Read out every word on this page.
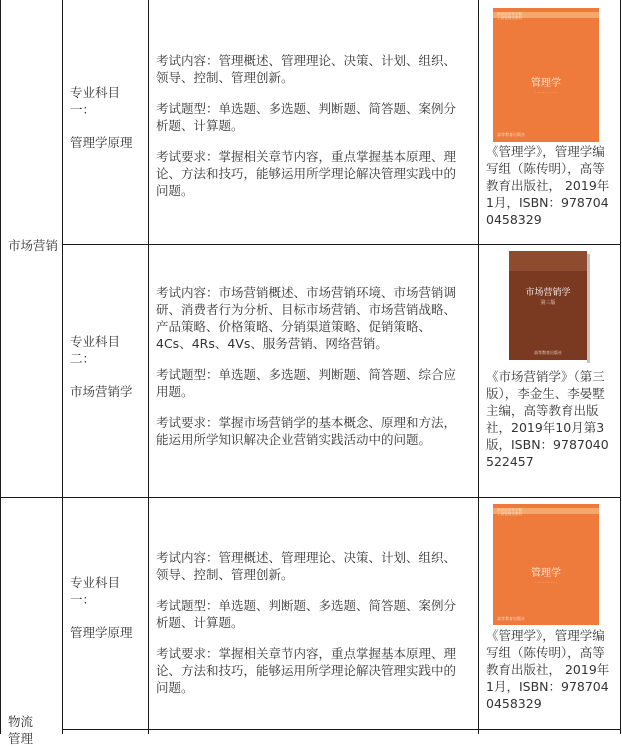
市场营销
物流管理
专业科目一：
管理学原理

考试内容：管理概述、管理理论、决策、计划、组织、领导、控制、管理创新。

考试题型：单选题、多选题、判断题、简答题、案例分析题、计算题。

考试要求：掌握相关章节内容，重点掌握基本原理、理论、方法和技巧，能够运用所学理论解决管理实践中的问题。

教育部高等学校
工商管理类教材
管理学
· · · · · · · · ·
高等教育出版社

《管理学》，管理学编写组（陈传明），高等教育出版社， 2019年1月，ISBN：9787040458329

专业科目二：
市场营销学

考试内容：市场营销概述、市场营销环境、市场营销调研、消费者行为分析、目标市场营销、市场营销战略、产品策略、价格策略、分销渠道策略、促销策略、4Cs、4Rs、4Vs、服务营销、网络营销。

考试题型：单选题、多选题、判断题、简答题、综合应用题。

考试要求：掌握市场营销学的基本概念、原理和方法，能运用所学知识解决企业营销实践活动中的问题。

市场营销学
第三版
高等教育出版社

《市场营销学》（第三版），李金生、李晏墅主编，高等教育出版社，2019年10月第3版，ISBN：9787040522457

专业科目一：
管理学原理

考试内容：管理概述、管理理论、决策、计划、组织、领导、控制、管理创新。

考试题型：单选题、判断题、多选题、简答题、案例分析题、计算题。

考试要求：掌握相关章节内容，重点掌握基本原理、理论、方法和技巧，能够运用所学理论解决管理实践中的问题。

教育部高等学校
工商管理类教材
管理学
· · · · · · · · ·
高等教育出版社

《管理学》，管理学编写组（陈传明），高等教育出版社， 2019年1月，ISBN：9787040458329
